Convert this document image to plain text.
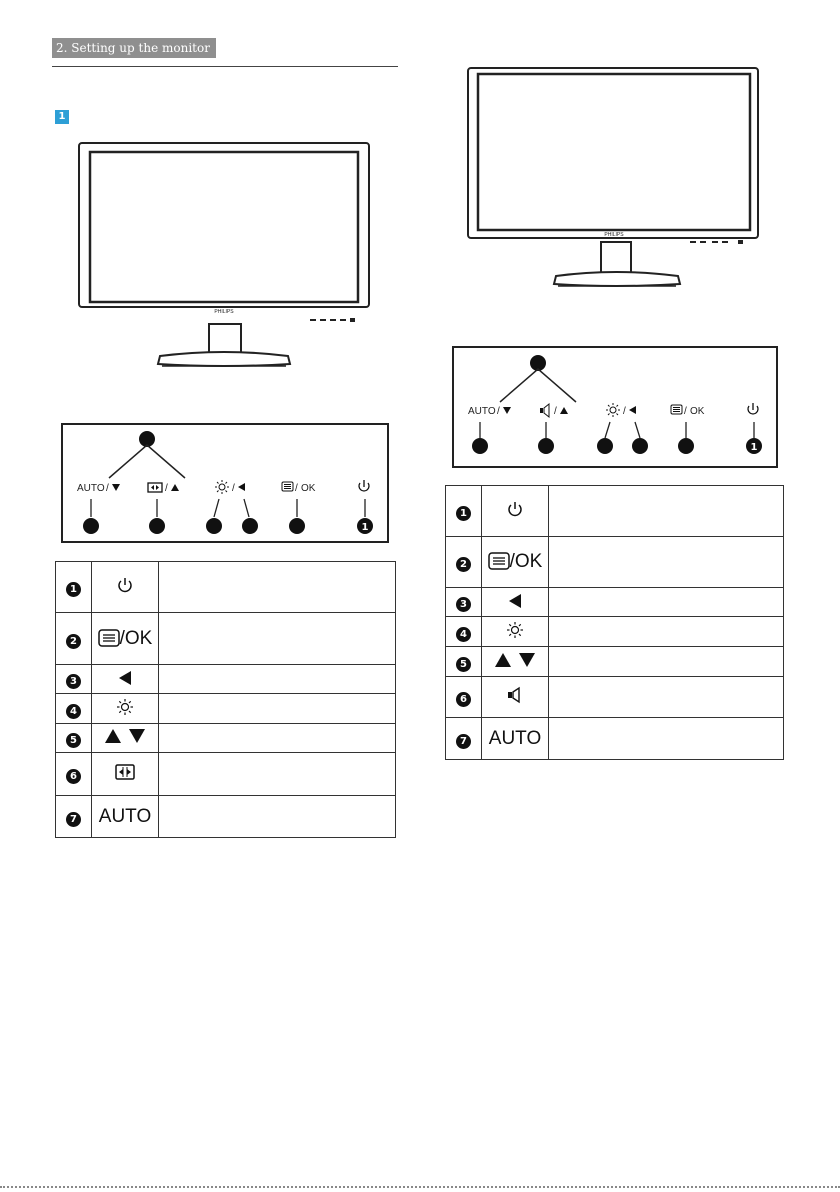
2. Setting up the monitor
1
PHILIPS
PHILIPS
AUTO /	/	/	/ OK
1
AUTO /	/	/	/ OK
1
1		
2	/OK	
3		
4		
5		
6		
7	AUTO	
1		
2	/OK	
3		
4		
5		
6		
7	AUTO	
